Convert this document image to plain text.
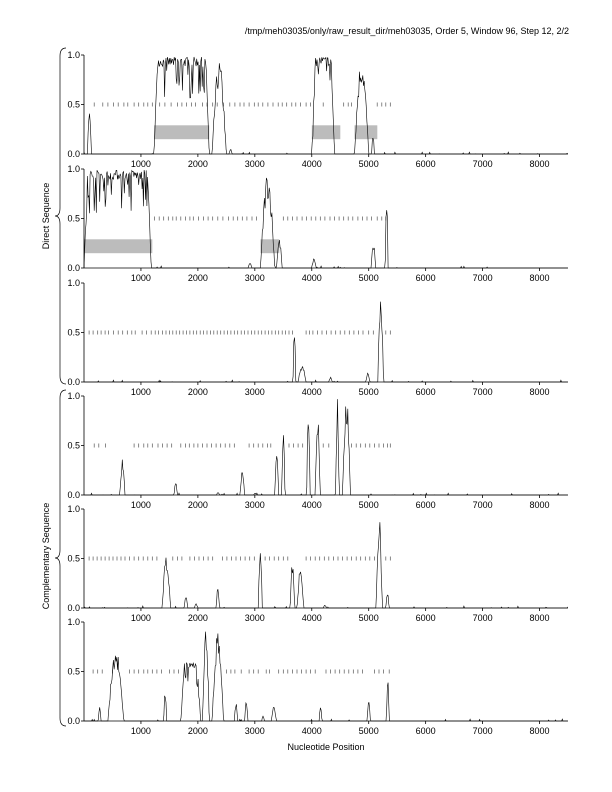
/tmp/meh03035/only/raw_result_dir/meh03035, Order 5, Window 96, Step 12, 2/2
0.0
0.5
1.0
1000	2000	3000	4000	5000	6000	7000	8000
0.0
0.5
1.0
1000	2000	3000	4000	5000	6000	7000	8000
0.0
0.5
1.0
1000	2000	3000	4000	5000	6000	7000	8000
0.0
0.5
1.0
1000	2000	3000	4000	5000	6000	7000	8000
0.0
0.5
1.0
1000	2000	3000	4000	5000	6000	7000	8000
0.0
0.5
1.0
1000	2000	3000	4000	5000	6000	7000	8000
Direct Sequence
Complementary Sequence
Nucleotide Position
